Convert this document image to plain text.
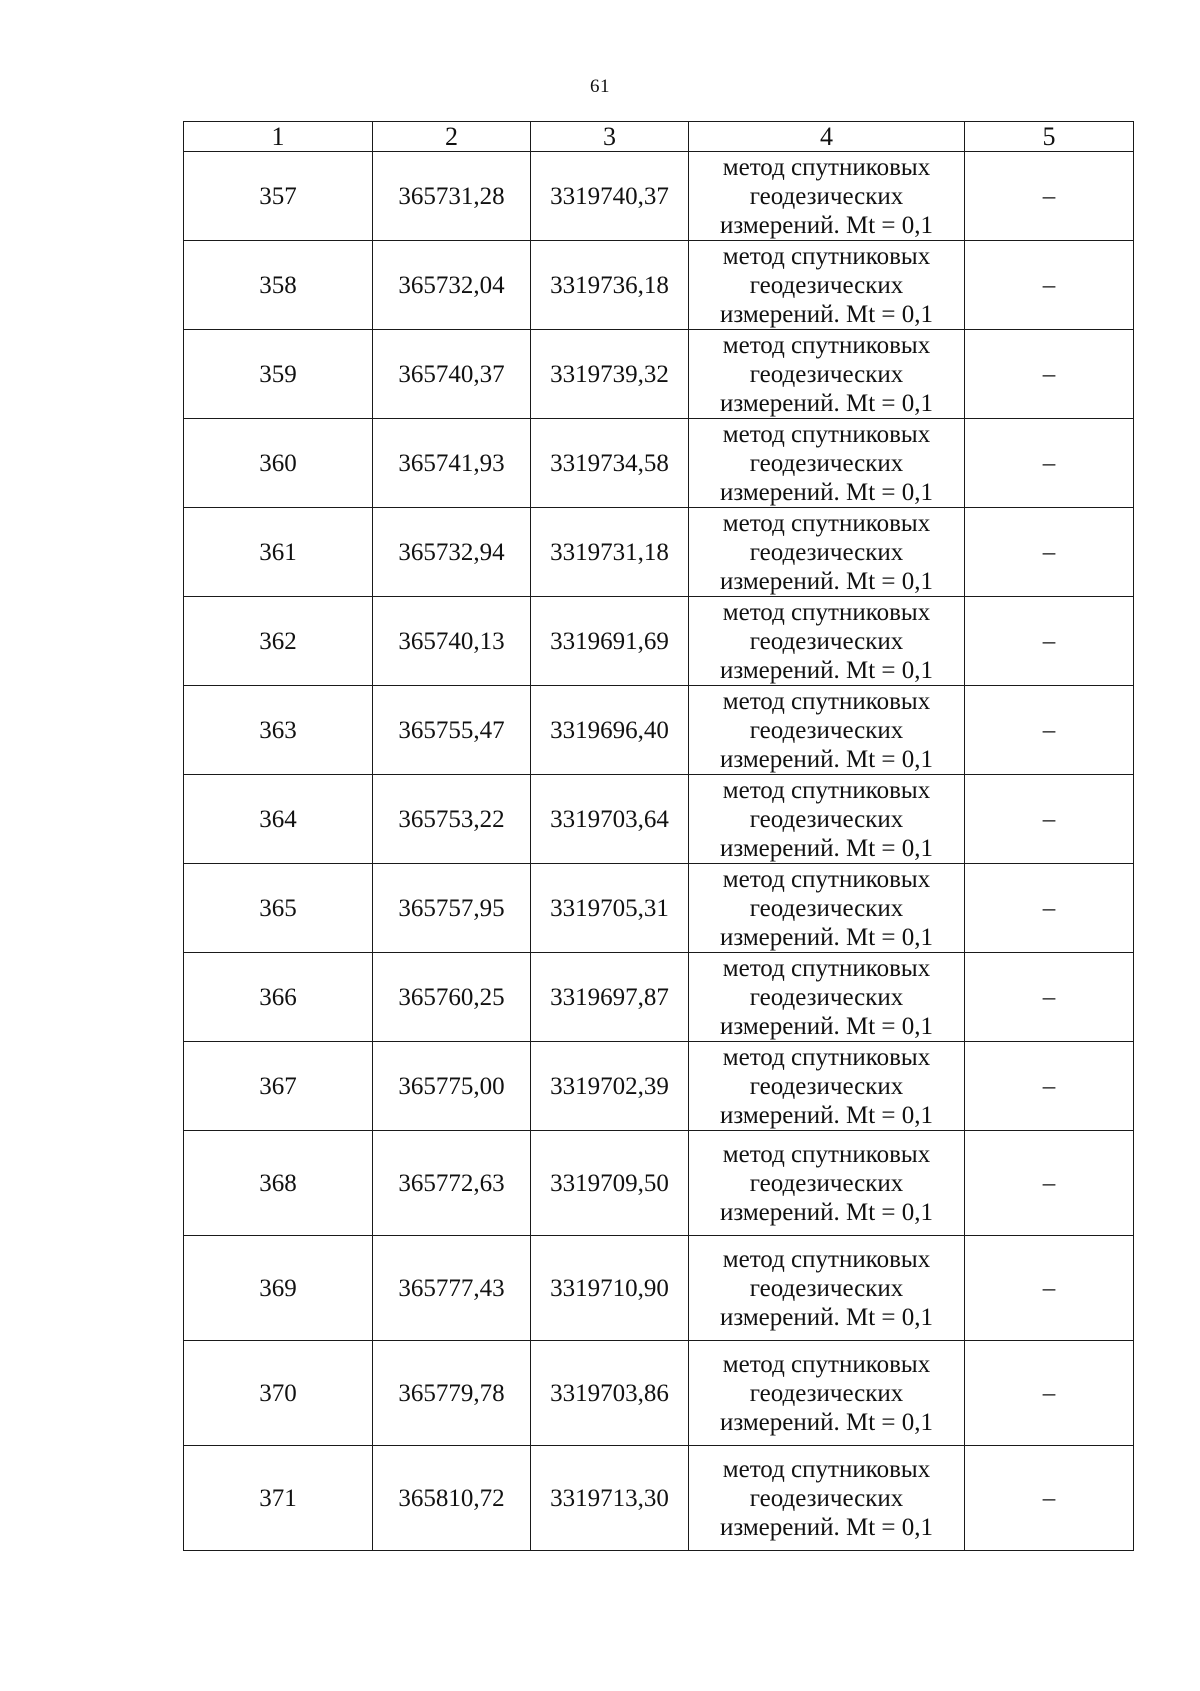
61
1	2	3	4	5
357	365731,28	3319740,37	метод спутниковых
геодезических
измерений. Mt = 0,1	–
358	365732,04	3319736,18	метод спутниковых
геодезических
измерений. Mt = 0,1	–
359	365740,37	3319739,32	метод спутниковых
геодезических
измерений. Mt = 0,1	–
360	365741,93	3319734,58	метод спутниковых
геодезических
измерений. Mt = 0,1	–
361	365732,94	3319731,18	метод спутниковых
геодезических
измерений. Mt = 0,1	–
362	365740,13	3319691,69	метод спутниковых
геодезических
измерений. Mt = 0,1	–
363	365755,47	3319696,40	метод спутниковых
геодезических
измерений. Mt = 0,1	–
364	365753,22	3319703,64	метод спутниковых
геодезических
измерений. Mt = 0,1	–
365	365757,95	3319705,31	метод спутниковых
геодезических
измерений. Mt = 0,1	–
366	365760,25	3319697,87	метод спутниковых
геодезических
измерений. Mt = 0,1	–
367	365775,00	3319702,39	метод спутниковых
геодезических
измерений. Mt = 0,1	–
368	365772,63	3319709,50	метод спутниковых
геодезических
измерений. Mt = 0,1	–
369	365777,43	3319710,90	метод спутниковых
геодезических
измерений. Mt = 0,1	–
370	365779,78	3319703,86	метод спутниковых
геодезических
измерений. Mt = 0,1	–
371	365810,72	3319713,30	метод спутниковых
геодезических
измерений. Mt = 0,1	–
